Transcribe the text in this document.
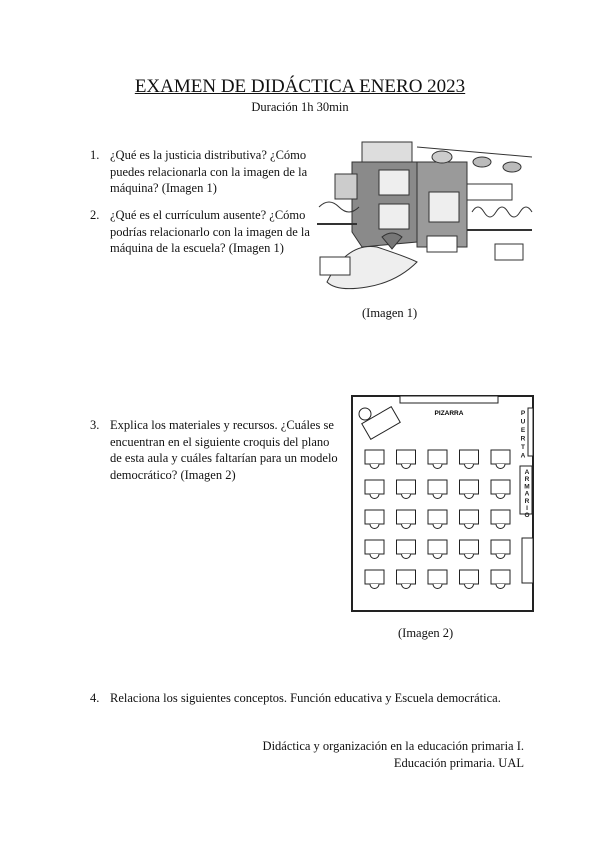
EXAMEN DE DIDÁCTICA ENERO 2023
Duración 1h 30min
1. ¿Qué es la justicia distributiva? ¿Cómo puedes relacionarla con la imagen de la máquina? (Imagen 1)
2. ¿Qué es el currículum ausente? ¿Cómo podrías relacionarlo con la imagen de la máquina de la escuela? (Imagen 1)
3. Explica los materiales y recursos. ¿Cuáles se encuentran en el siguiente croquis del plano de esta aula y cuáles faltarían para un modelo democrático? (Imagen 2)
4. Relaciona los siguientes conceptos. Función educativa y Escuela democrática.
(Imagen 1)
PIZARRA	PUERTA
ARMARIO
(Imagen 2)
Didáctica y organización en la educación primaria I.
Educación primaria. UAL
